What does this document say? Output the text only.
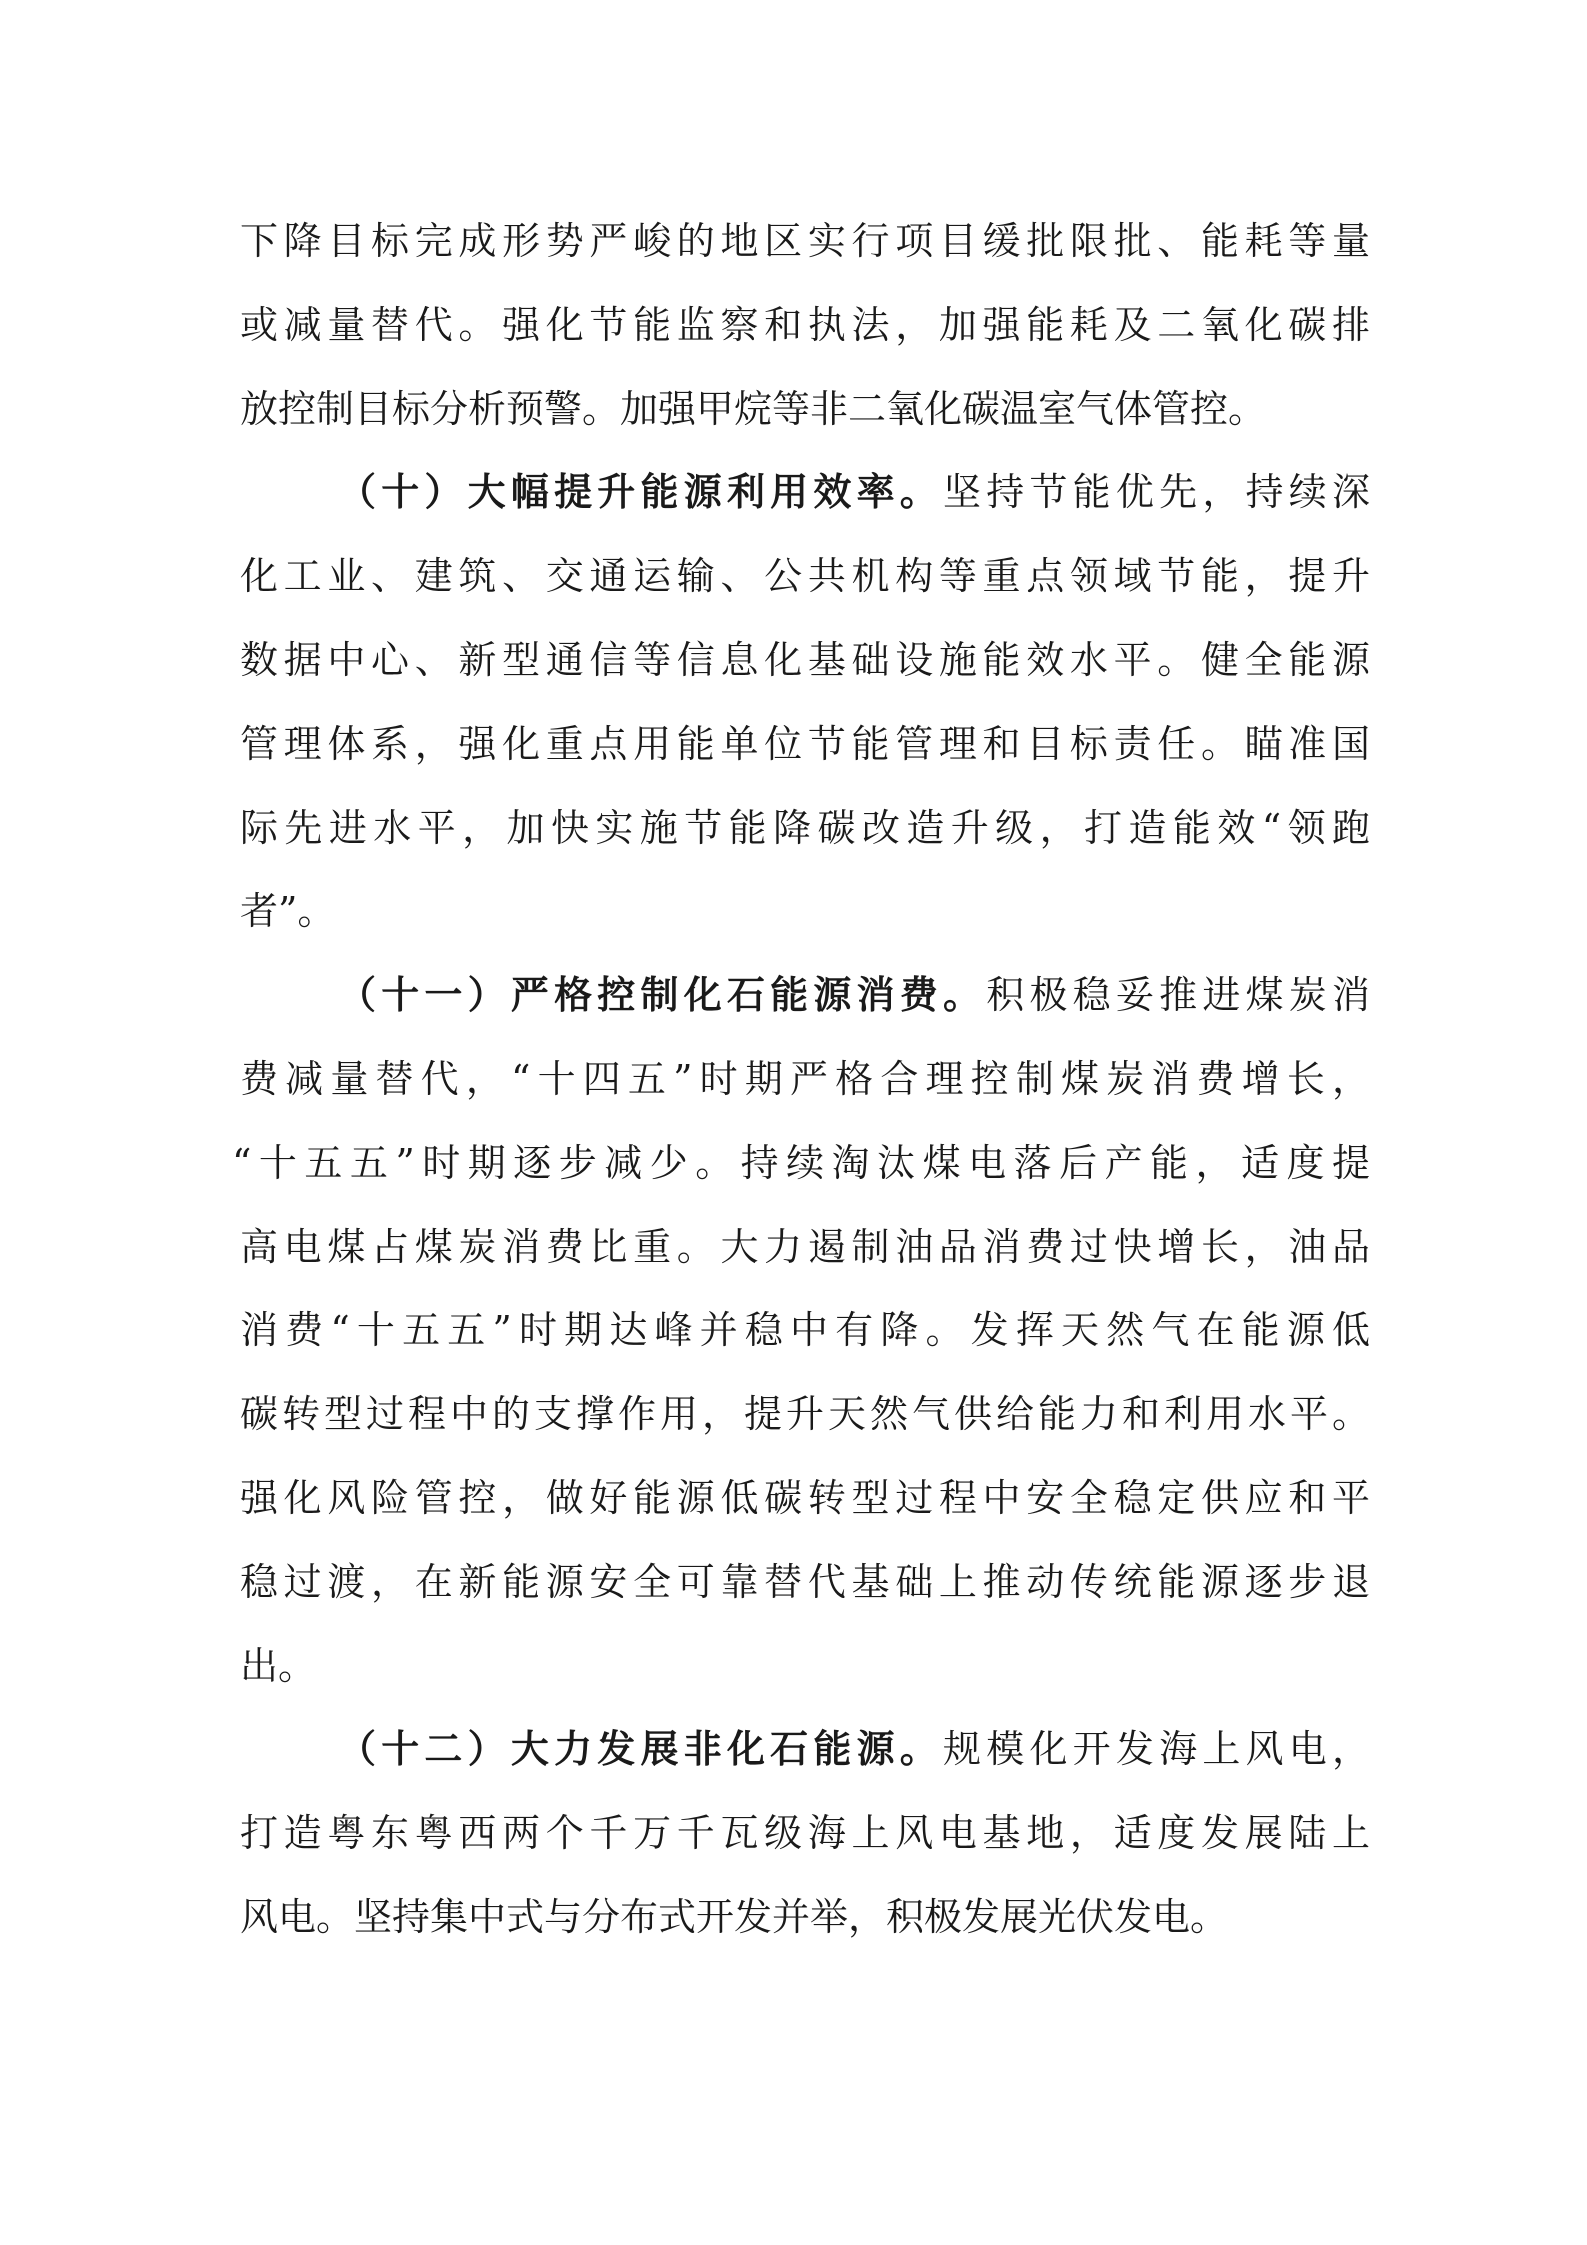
下降目标完成形势严峻的地区实行项目缓批限批、能耗等量
或减量替代。强化节能监察和执法，加强能耗及二氧化碳排
放控制目标分析预警。加强甲烷等非二氧化碳温室气体管控。
（十）大幅提升能源利用效率。坚持节能优先，持续深
化工业、建筑、交通运输、公共机构等重点领域节能，提升
数据中心、新型通信等信息化基础设施能效水平。健全能源
管理体系，强化重点用能单位节能管理和目标责任。瞄准国
际先进水平，加快实施节能降碳改造升级，打造能效“领跑
者”。
（十一）严格控制化石能源消费。积极稳妥推进煤炭消
费减量替代，“十四五”时期严格合理控制煤炭消费增长，
“十五五”时期逐步减少。持续淘汰煤电落后产能，适度提
高电煤占煤炭消费比重。大力遏制油品消费过快增长，油品
消费“十五五”时期达峰并稳中有降。发挥天然气在能源低
碳转型过程中的支撑作用，提升天然气供给能力和利用水平。
强化风险管控，做好能源低碳转型过程中安全稳定供应和平
稳过渡，在新能源安全可靠替代基础上推动传统能源逐步退
出。
（十二）大力发展非化石能源。规模化开发海上风电，
打造粤东粤西两个千万千瓦级海上风电基地，适度发展陆上
风电。坚持集中式与分布式开发并举，积极发展光伏发电。
